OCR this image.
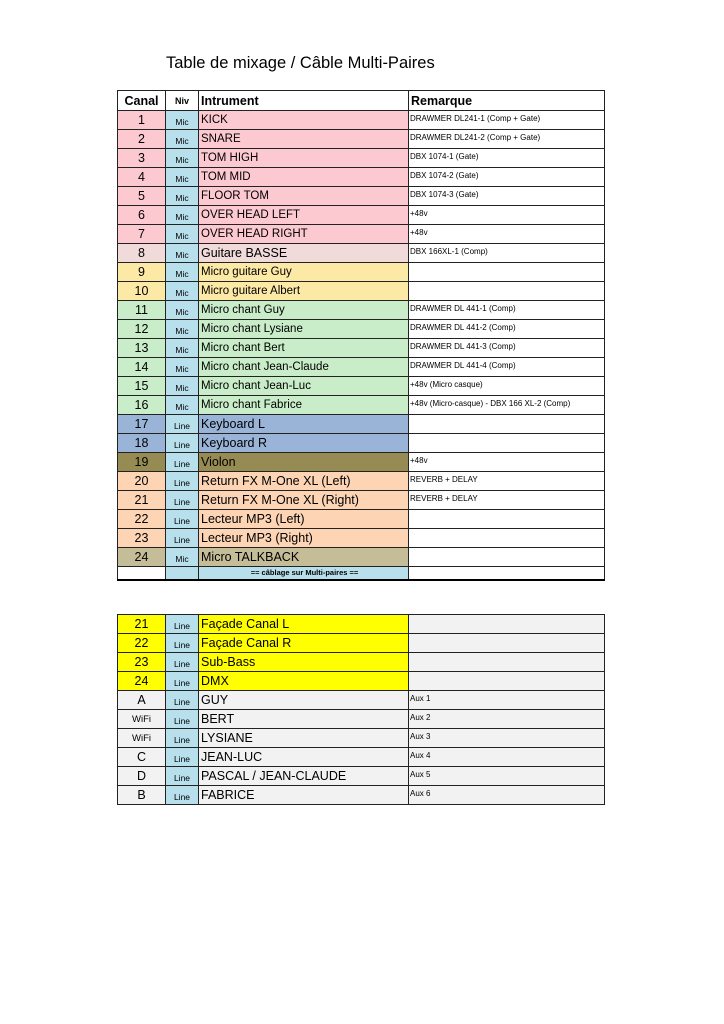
Table de mixage / Câble Multi-Paires
Canal	Niv	Intrument	Remarque
1	Mic	KICK	DRAWMER DL241-1 (Comp + Gate)
2	Mic	SNARE	DRAWMER DL241-2 (Comp + Gate)
3	Mic	TOM HIGH	DBX 1074-1 (Gate)
4	Mic	TOM MID	DBX 1074-2 (Gate)
5	Mic	FLOOR TOM	DBX 1074-3 (Gate)
6	Mic	OVER HEAD LEFT	+48v
7	Mic	OVER HEAD RIGHT	+48v
8	Mic	Guitare BASSE	DBX 166XL-1 (Comp)
9	Mic	Micro guitare Guy	
10	Mic	Micro guitare Albert	
11	Mic	Micro chant Guy	DRAWMER DL 441-1 (Comp)
12	Mic	Micro chant Lysiane	DRAWMER DL 441-2 (Comp)
13	Mic	Micro chant Bert	DRAWMER DL 441-3 (Comp)
14	Mic	Micro chant Jean-Claude	DRAWMER DL 441-4 (Comp)
15	Mic	Micro chant Jean-Luc	+48v (Micro casque)
16	Mic	Micro chant Fabrice	+48v (Micro-casque) - DBX 166 XL-2 (Comp)
17	Line	Keyboard L	
18	Line	Keyboard R	
19	Line	Violon	+48v
20	Line	Return FX M-One XL (Left)	REVERB + DELAY
21	Line	Return FX M-One XL (Right)	REVERB + DELAY
22	Line	Lecteur MP3 (Left)	
23	Line	Lecteur MP3 (Right)	
24	Mic	Micro TALKBACK	
		== câblage sur Multi-paires ==	
21	Line	Façade Canal L	
22	Line	Façade Canal R	
23	Line	Sub-Bass	
24	Line	DMX	
A	Line	GUY	Aux 1
WiFi	Line	BERT	Aux 2
WiFi	Line	LYSIANE	Aux 3
C	Line	JEAN-LUC	Aux 4
D	Line	PASCAL / JEAN-CLAUDE	Aux 5
B	Line	FABRICE	Aux 6
